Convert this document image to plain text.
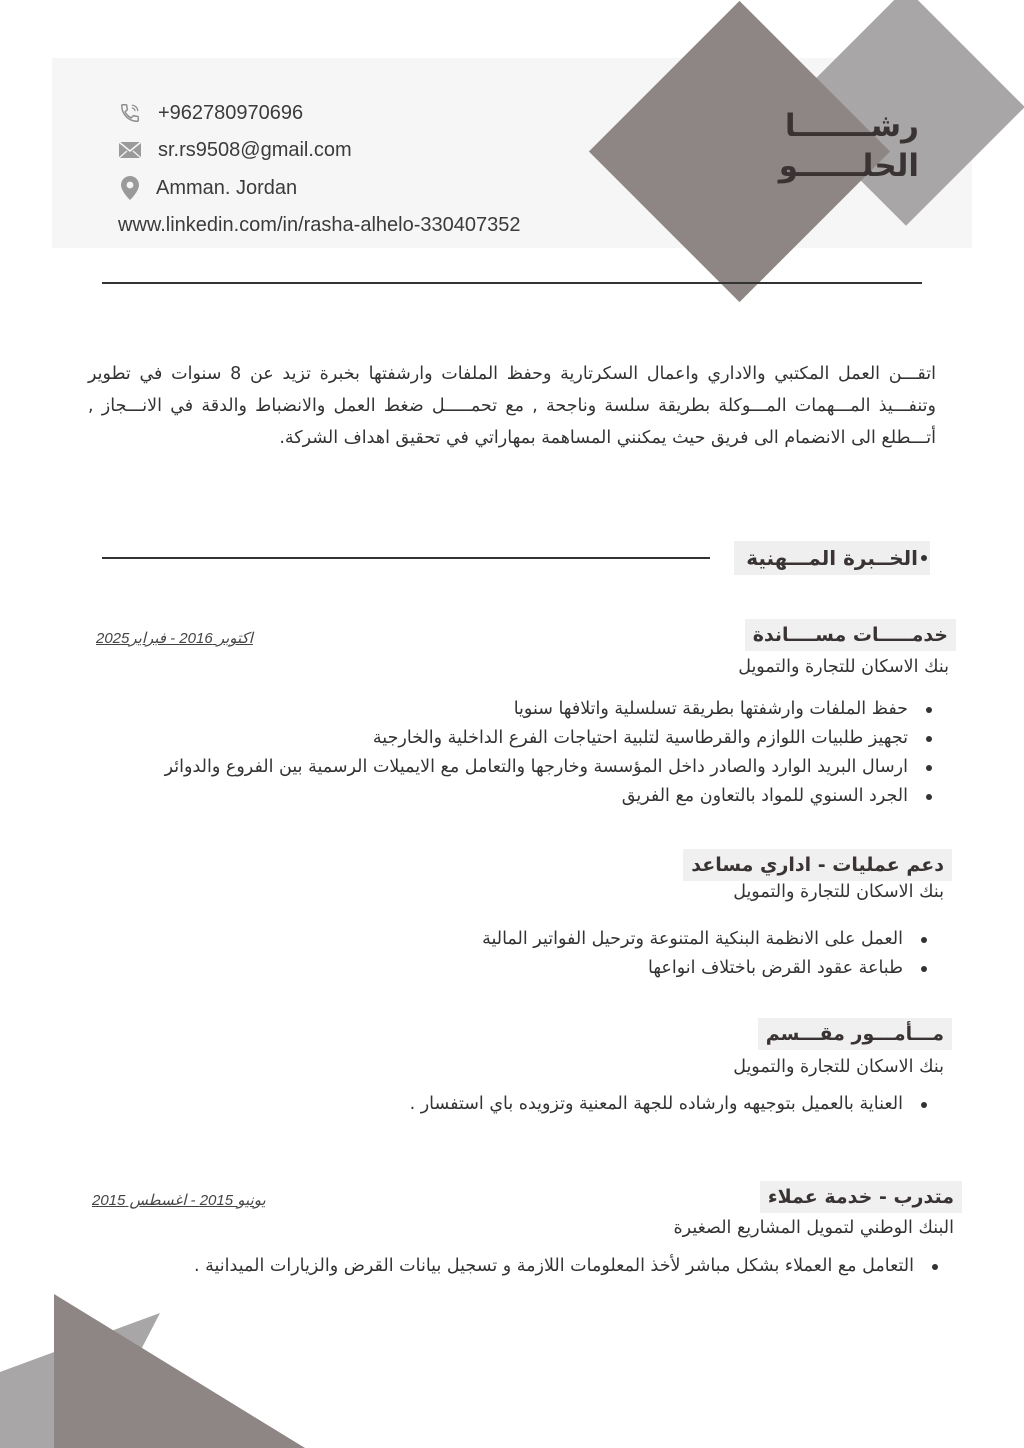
رشـــــــا
الحلــــــو
+962780970696
sr.rs9508@gmail.com
Amman. Jordan
www.linkedin.com/in/rasha-alhelo-330407352

اتقـــن العمل المكتبي والاداري واعمال السكرتارية وحفظ الملفات وارشفتها بخبرة تزيد عن 8 سنوات في تطوير وتنفـــيذ المـــهمات المـــوكلة بطريقة سلسة وناجحة , مع تحمـــــل ضغط العمل والانضباط والدقة في الانـــجاز , أتـــطلع الى الانضمام الى فريق حيث يمكنني المساهمة بمهاراتي في تحقيق اهداف الشركة.

الخــبرة المـــهنية
خدمـــــات مســــاندة
اكتوبر 2016 - فبراير2025
بنك الاسكان للتجارة والتمويل
حفظ الملفات وارشفتها بطريقة تسلسلية واتلافها سنويا
تجهيز طلبيات اللوازم والقرطاسية لتلبية احتياجات الفرع الداخلية والخارجية
ارسال البريد الوارد والصادر داخل المؤسسة وخارجها والتعامل مع الايميلات الرسمية بين الفروع والدوائر
الجرد السنوي للمواد بالتعاون مع الفريق
دعم عمليات - اداري مساعد
بنك الاسكان للتجارة والتمويل
العمل على الانظمة البنكية المتنوعة وترحيل الفواتير المالية
طباعة عقود القرض باختلاف انواعها
مـــأمـــور مقـــسم
بنك الاسكان للتجارة والتمويل
العناية بالعميل بتوجيهه وارشاده للجهة المعنية وتزويده باي استفسار .
متدرب - خدمة عملاء
يونيو 2015 - اغسطس 2015
البنك الوطني لتمويل المشاريع الصغيرة
التعامل مع العملاء بشكل مباشر لأخذ المعلومات اللازمة و تسجيل بيانات القرض والزيارات الميدانية .
